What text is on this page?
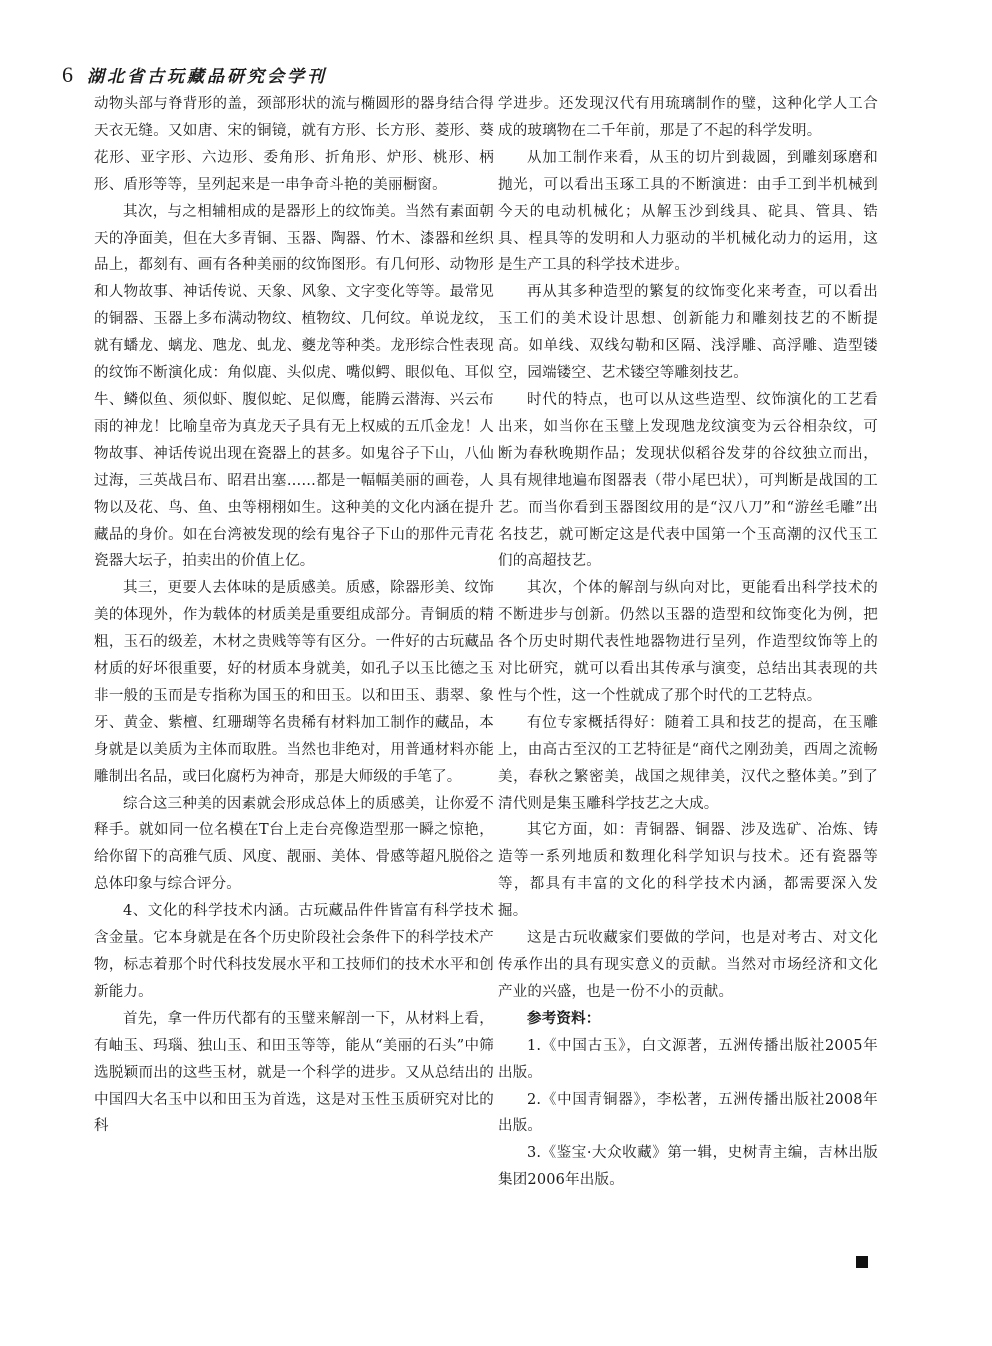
6 湖北省古玩藏品研究会学刊

动物头部与脊背形的盖，颈部形状的流与椭圆形的器身结合得天衣无缝。又如唐、宋的铜镜，就有方形、长方形、菱形、葵花形、亚字形、六边形、委角形、折角形、炉形、桃形、柄形、盾形等等，呈列起来是一串争奇斗艳的美丽橱窗。

其次，与之相辅相成的是器形上的纹饰美。当然有素面朝天的净面美，但在大多青铜、玉器、陶器、竹木、漆器和丝织品上，都刻有、画有各种美丽的纹饰图形。有几何形、动物形和人物故事、神话传说、天象、风象、文字变化等等。最常见的铜器、玉器上多布满动物纹、植物纹、几何纹。单说龙纹，就有蟠龙、螭龙、虺龙、虬龙、夔龙等种类。龙形综合性表现的纹饰不断演化成：角似鹿、头似虎、嘴似鳄、眼似龟、耳似牛、鳞似鱼、须似虾、腹似蛇、足似鹰，能腾云潜海、兴云布雨的神龙！比喻皇帝为真龙天子具有无上权威的五爪金龙！人物故事、神话传说出现在瓷器上的甚多。如鬼谷子下山，八仙过海，三英战吕布、昭君出塞……都是一幅幅美丽的画卷，人物以及花、鸟、鱼、虫等栩栩如生。这种美的文化内涵在提升藏品的身价。如在台湾被发现的绘有鬼谷子下山的那件元青花瓷器大坛子，拍卖出的价值上亿。

其三，更要人去体味的是质感美。质感，除器形美、纹饰美的体现外，作为载体的材质美是重要组成部分。青铜质的精粗，玉石的级差，木材之贵贱等等有区分。一件好的古玩藏品材质的好坏很重要，好的材质本身就美，如孔子以玉比德之玉非一般的玉而是专指称为国玉的和田玉。以和田玉、翡翠、象牙、黄金、紫檀、红珊瑚等名贵稀有材料加工制作的藏品，本身就是以美质为主体而取胜。当然也非绝对，用普通材料亦能雕制出名品，或曰化腐朽为神奇，那是大师级的手笔了。

综合这三种美的因素就会形成总体上的质感美，让你爱不释手。就如同一位名模在T台上走台亮像造型那一瞬之惊艳，给你留下的高雅气质、风度、靓丽、美体、骨感等超凡脱俗之总体印象与综合评分。

4、文化的科学技术内涵。古玩藏品件件皆富有科学技术含金量。它本身就是在各个历史阶段社会条件下的科学技术产物，标志着那个时代科技发展水平和工技师们的技术水平和创新能力。

首先，拿一件历代都有的玉璧来解剖一下，从材料上看，有岫玉、玛瑙、独山玉、和田玉等等，能从“美丽的石头”中筛选脱颖而出的这些玉材，就是一个科学的进步。又从总结出的中国四大名玉中以和田玉为首选，这是对玉性玉质研究对比的科

学进步。还发现汉代有用琉璃制作的璧，这种化学人工合成的玻璃物在二千年前，那是了不起的科学发明。

从加工制作来看，从玉的切片到裁圆，到雕刻琢磨和抛光，可以看出玉琢工具的不断演进：由手工到半机械到今天的电动机械化；从解玉沙到线具、砣具、管具、锆具、桯具等的发明和人力驱动的半机械化动力的运用，这是生产工具的科学技术进步。

再从其多种造型的繁复的纹饰变化来考查，可以看出玉工们的美术设计思想、创新能力和雕刻技艺的不断提高。如单线、双线勾勒和区隔、浅浮雕、高浮雕、造型镂空，园端镂空、艺术镂空等雕刻技艺。

时代的特点，也可以从这些造型、纹饰演化的工艺看出来，如当你在玉璧上发现虺龙纹演变为云谷相杂纹，可断为春秋晚期作品；发现状似稻谷发芽的谷纹独立而出，具有规律地遍布图器表（带小尾巴状），可判断是战国的工艺。而当你看到玉器图纹用的是“汉八刀”和“游丝毛雕”出名技艺，就可断定这是代表中国第一个玉高潮的汉代玉工们的高超技艺。

其次，个体的解剖与纵向对比，更能看出科学技术的不断进步与创新。仍然以玉器的造型和纹饰变化为例，把各个历史时期代表性地器物进行呈列，作造型纹饰等上的对比研究，就可以看出其传承与演变，总结出其表现的共性与个性，这一个性就成了那个时代的工艺特点。

有位专家概括得好：随着工具和技艺的提高，在玉雕上，由高古至汉的工艺特征是“商代之刚劲美，西周之流畅美，春秋之繁密美，战国之规律美，汉代之整体美。”到了清代则是集玉雕科学技艺之大成。

其它方面，如：青铜器、铜器、涉及选矿、冶炼、铸造等一系列地质和数理化科学知识与技术。还有瓷器等等，都具有丰富的文化的科学技术内涵，都需要深入发掘。

这是古玩收藏家们要做的学问，也是对考古、对文化传承作出的具有现实意义的贡献。当然对市场经济和文化产业的兴盛，也是一份不小的贡献。

参考资料：

1.《中国古玉》，白文源著，五洲传播出版社2005年出版。

2.《中国青铜器》，李松著，五洲传播出版社2008年出版。

3.《鉴宝·大众收藏》第一辑，史树青主编，吉林出版集团2006年出版。
